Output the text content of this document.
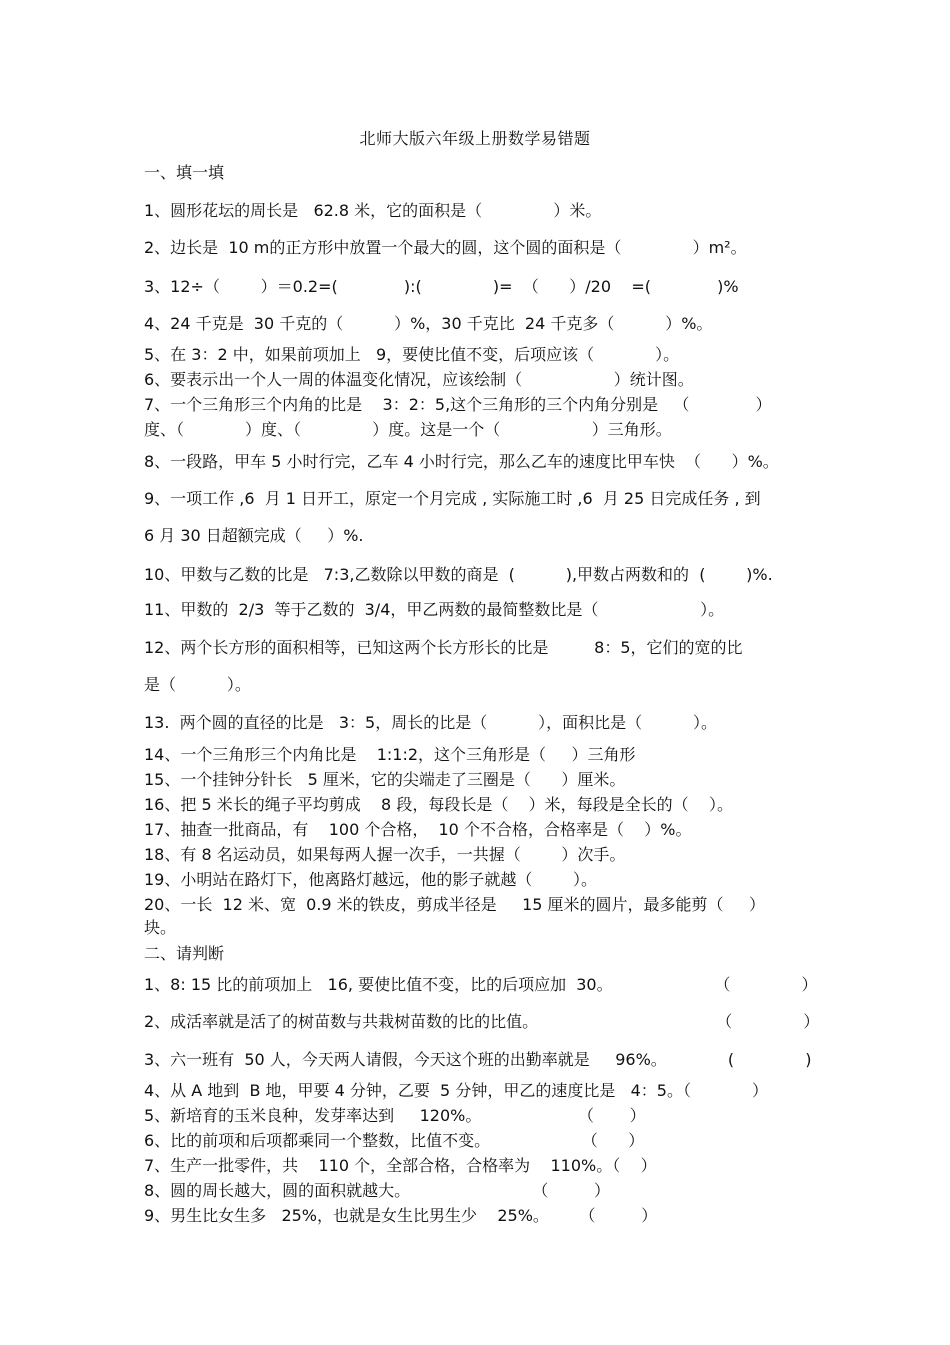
北师大版六年级上册数学易错题
一、填一填
1、圆形花坛的周长是   62.8 米，它的面积是（              ）米。
2、边长是  10 m的正方形中放置一个最大的圆，这个圆的面积是（              ）m²。
3、12÷（        ）＝0.2=(             ):(              )=  （      ）/20    =(             )%
4、24 千克是  30 千克的（          ）%，30 千克比  24 千克多（          ）%。
5、在 3：2 中，如果前项加上   9，要使比值不变，后项应该（            ）。
6、要表示出一个人一周的体温变化情况，应该绘制（                  ）统计图。
7、一个三角形三个内角的比是    3：2：5,这个三角形的三个内角分别是   （             ）
度、（            ）度、（              ）度。这是一个（                  ）三角形。
8、一段路，甲车 5 小时行完，乙车 4 小时行完，那么乙车的速度比甲车快  （      ）%。
9、一项工作 ,6  月 1 日开工，原定一个月完成 , 实际施工时 ,6  月 25 日完成任务 , 到
6 月 30 日超额完成（     ）%.
10、甲数与乙数的比是   7:3,乙数除以甲数的商是  (          ),甲数占两数和的  (        )%.
11、甲数的  2/3  等于乙数的  3/4，甲乙两数的最简整数比是（                    ）。
12、两个长方形的面积相等，已知这两个长方形长的比是         8：5，它们的宽的比
是（          ）。
13.  两个圆的直径的比是   3：5，周长的比是（          ），面积比是（          ）。
14、一个三角形三个内角比是    1:1:2，这个三角形是（     ）三角形
15、一个挂钟分针长   5 厘米，它的尖端走了三圈是（      ）厘米。
16、把 5 米长的绳子平均剪成    8 段，每段长是（    ）米，每段是全长的（    ）。
17、抽查一批商品，有    100 个合格，  10 个不合格，合格率是（    ）%。
18、有 8 名运动员，如果每两人握一次手，一共握（        ）次手。
19、小明站在路灯下，他离路灯越远，他的影子就越（        ）。
20、一长  12 米、宽  0.9 米的铁皮，剪成半径是     15 厘米的圆片，最多能剪（     ）
块。
二、请判断
1、8: 15 比的前项加上   16, 要使比值不变，比的后项应加  30。                    （              ）
2、成活率就是活了的树苗数与共栽树苗数的比的比值。                                   （              ）
3、六一班有  50 人，今天两人请假，今天这个班的出勤率就是     96%。            (              )
4、从 A 地到  B 地，甲要 4 分钟，乙要  5 分钟，甲乙的速度比是   4：5。（            ）
5、新培育的玉米良种，发芽率达到     120%。                   （       ）
6、比的前项和后项都乘同一个整数，比值不变。                  （      ）
7、生产一批零件，共    110 个，全部合格，合格率为    110%。（    ）
8、圆的周长越大，圆的面积就越大。                        （         ）
9、男生比女生多   25%，也就是女生比男生少    25%。      （         ）
